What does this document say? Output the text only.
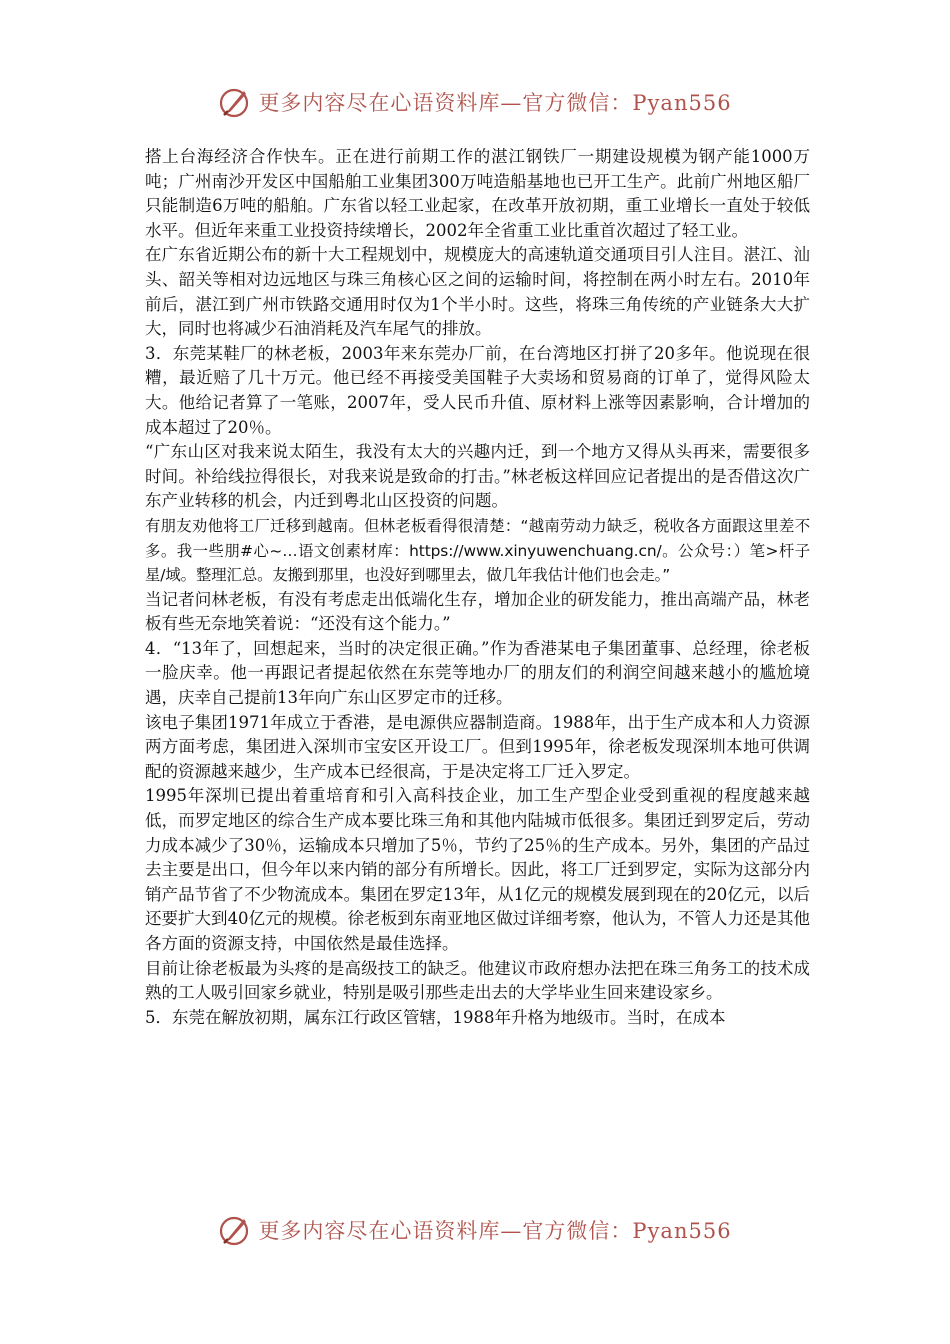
更多内容尽在心语资料库—官方微信：Pyan556

搭上台海经济合作快车。正在进行前期工作的湛江钢铁厂一期建设规模为钢产能1000万吨；广州南沙开发区中国船舶工业集团300万吨造船基地也已开工生产。此前广州地区船厂只能制造6万吨的船舶。广东省以轻工业起家，在改革开放初期，重工业增长一直处于较低水平。但近年来重工业投资持续增长，2002年全省重工业比重首次超过了轻工业。

在广东省近期公布的新十大工程规划中，规模庞大的高速轨道交通项目引人注目。湛江、汕头、韶关等相对边远地区与珠三角核心区之间的运输时间，将控制在两小时左右。2010年前后，湛江到广州市铁路交通用时仅为1个半小时。这些，将珠三角传统的产业链条大大扩大，同时也将减少石油消耗及汽车尾气的排放。

3．东莞某鞋厂的林老板，2003年来东莞办厂前，在台湾地区打拼了20多年。他说现在很糟，最近赔了几十万元。他已经不再接受美国鞋子大卖场和贸易商的订单了，觉得风险太大。他给记者算了一笔账，2007年，受人民币升值、原材料上涨等因素影响，合计增加的成本超过了20％。

“广东山区对我来说太陌生，我没有太大的兴趣内迁，到一个地方又得从头再来，需要很多时间。补给线拉得很长，对我来说是致命的打击。”林老板这样回应记者提出的是否借这次广东产业转移的机会，内迁到粤北山区投资的问题。

有朋友劝他将工厂迁移到越南。但林老板看得很清楚：“越南劳动力缺乏，税收各方面跟这里差不多。我一些朋#心~…语文创素材库：https://www.xinyuwenchuang.cn/。公众号：）笔>杆子星/域。整理汇总。友搬到那里，也没好到哪里去，做几年我估计他们也会走。”

当记者问林老板，有没有考虑走出低端化生存，增加企业的研发能力，推出高端产品，林老板有些无奈地笑着说：“还没有这个能力。”

4．“13年了，回想起来，当时的决定很正确。”作为香港某电子集团董事、总经理，徐老板一脸庆幸。他一再跟记者提起依然在东莞等地办厂的朋友们的利润空间越来越小的尴尬境遇，庆幸自己提前13年向广东山区罗定市的迁移。

该电子集团1971年成立于香港，是电源供应器制造商。1988年，出于生产成本和人力资源两方面考虑，集团进入深圳市宝安区开设工厂。但到1995年，徐老板发现深圳本地可供调配的资源越来越少，生产成本已经很高，于是决定将工厂迁入罗定。

1995年深圳已提出着重培育和引入高科技企业，加工生产型企业受到重视的程度越来越低，而罗定地区的综合生产成本要比珠三角和其他内陆城市低很多。集团迁到罗定后，劳动力成本减少了30％，运输成本只增加了5％，节约了25％的生产成本。另外，集团的产品过去主要是出口，但今年以来内销的部分有所增长。因此，将工厂迁到罗定，实际为这部分内销产品节省了不少物流成本。集团在罗定13年，从1亿元的规模发展到现在的20亿元，以后还要扩大到40亿元的规模。徐老板到东南亚地区做过详细考察，他认为，不管人力还是其他各方面的资源支持，中国依然是最佳选择。

目前让徐老板最为头疼的是高级技工的缺乏。他建议市政府想办法把在珠三角务工的技术成熟的工人吸引回家乡就业，特别是吸引那些走出去的大学毕业生回来建设家乡。

5．东莞在解放初期，属东江行政区管辖，1988年升格为地级市。当时，在成本

更多内容尽在心语资料库—官方微信：Pyan556
